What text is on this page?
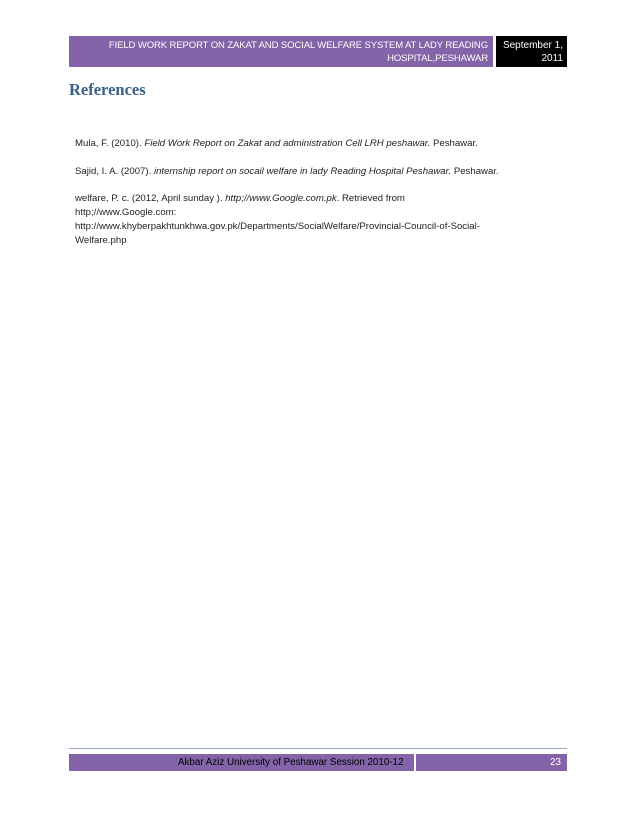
FIELD WORK REPORT ON ZAKAT AND SOCIAL WELFARE SYSTEM AT LADY READING
HOSPITAL,PESHAWAR
September 1,
2011
References

Mula, F. (2010). Field Work Report on Zakat and administration Cell LRH peshawar. Peshawar.

Sajid, I. A. (2007). internship report on socail welfare in lady Reading Hospital Peshawar. Peshawar.

welfare, P. c. (2012, April sunday ). http;//www.Google.com.pk. Retrieved from
http;//www.Google.com:
http://www.khyberpakhtunkhwa.gov.pk/Departments/SocialWelfare/Provincial-Council-of-Social-
Welfare.php

Akbar Aziz University of Peshawar Session 2010-12	23
